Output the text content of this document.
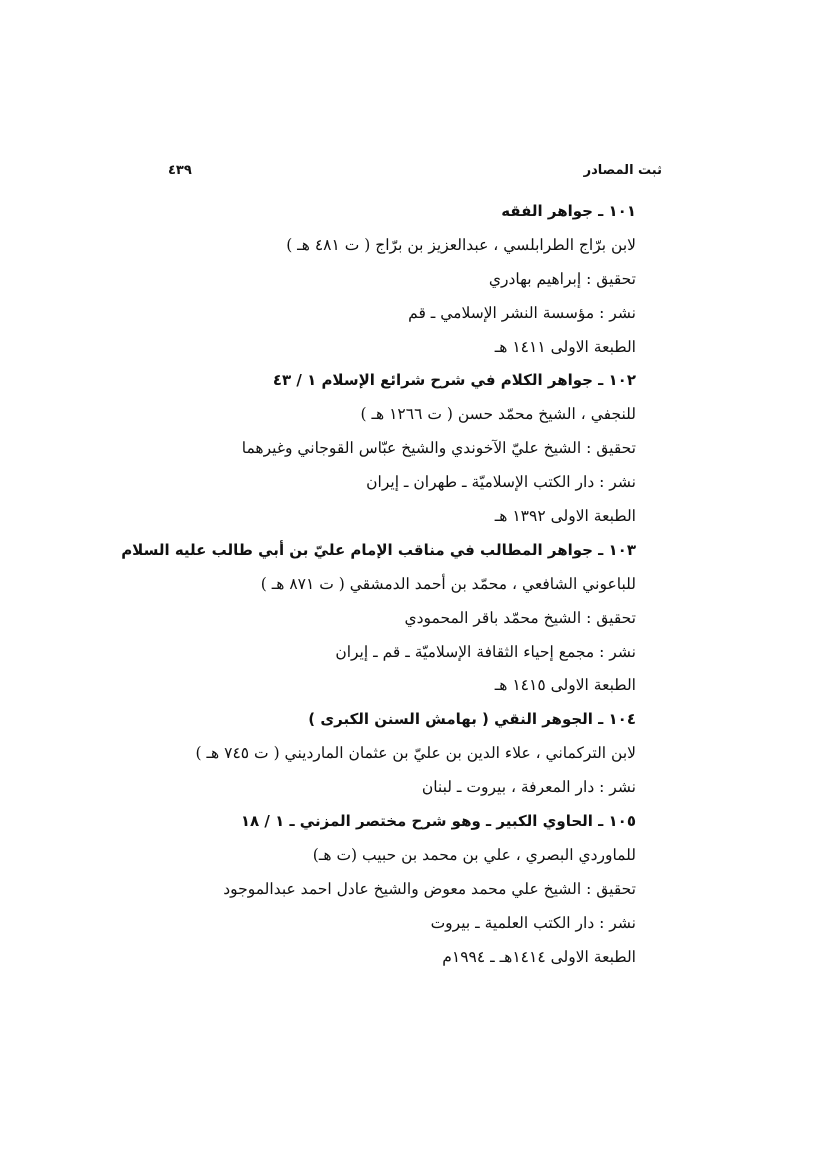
ثبت المصادر
٤٣٩
١٠١ ـ جواهر الفقه
لابن برّاج الطرابلسي ، عبدالعزيز بن برّاج ( ت ٤٨١ هـ )
تحقيق : إبراهيم بهادري
نشر : مؤسسة النشر الإسلامي ـ قم
الطبعة الاولى ١٤١١ هـ
١٠٢ ـ جواهر الكلام في شرح شرائع الإسلام ١ / ٤٣
للنجفي ، الشيخ محمّد حسن ( ت ١٢٦٦ هـ )
تحقيق : الشيخ عليّ الآخوندي والشيخ عبّاس القوجاني وغيرهما
نشر : دار الكتب الإسلاميّة ـ طهران ـ إيران
الطبعة الاولى ١٣٩٢ هـ
١٠٣ ـ جواهر المطالب في مناقب الإمام عليّ بن أبي طالب عليه السلام
للباعوني الشافعي ، محمّد بن أحمد الدمشقي ( ت ٨٧١ هـ )
تحقيق : الشيخ محمّد باقر المحمودي
نشر : مجمع إحياء الثقافة الإسلاميّة ـ قم ـ إيران
الطبعة الاولى ١٤١٥ هـ
١٠٤ ـ الجوهر النقي ( بهامش السنن الكبرى )
لابن التركماني ، علاء الدين بن عليّ بن عثمان المارديني ( ت ٧٤٥ هـ )
نشر : دار المعرفة ، بيروت ـ لبنان
١٠٥ ـ الحاوي الكبير ـ وهو شرح مختصر المزني ـ ١ / ١٨
للماوردي البصري ، علي بن محمد بن حبيب (ت هـ)
تحقيق : الشيخ علي محمد معوض والشيخ عادل احمد عبدالموجود
نشر : دار الكتب العلمية ـ بيروت
الطبعة الاولى ١٤١٤هـ ـ ١٩٩٤م
